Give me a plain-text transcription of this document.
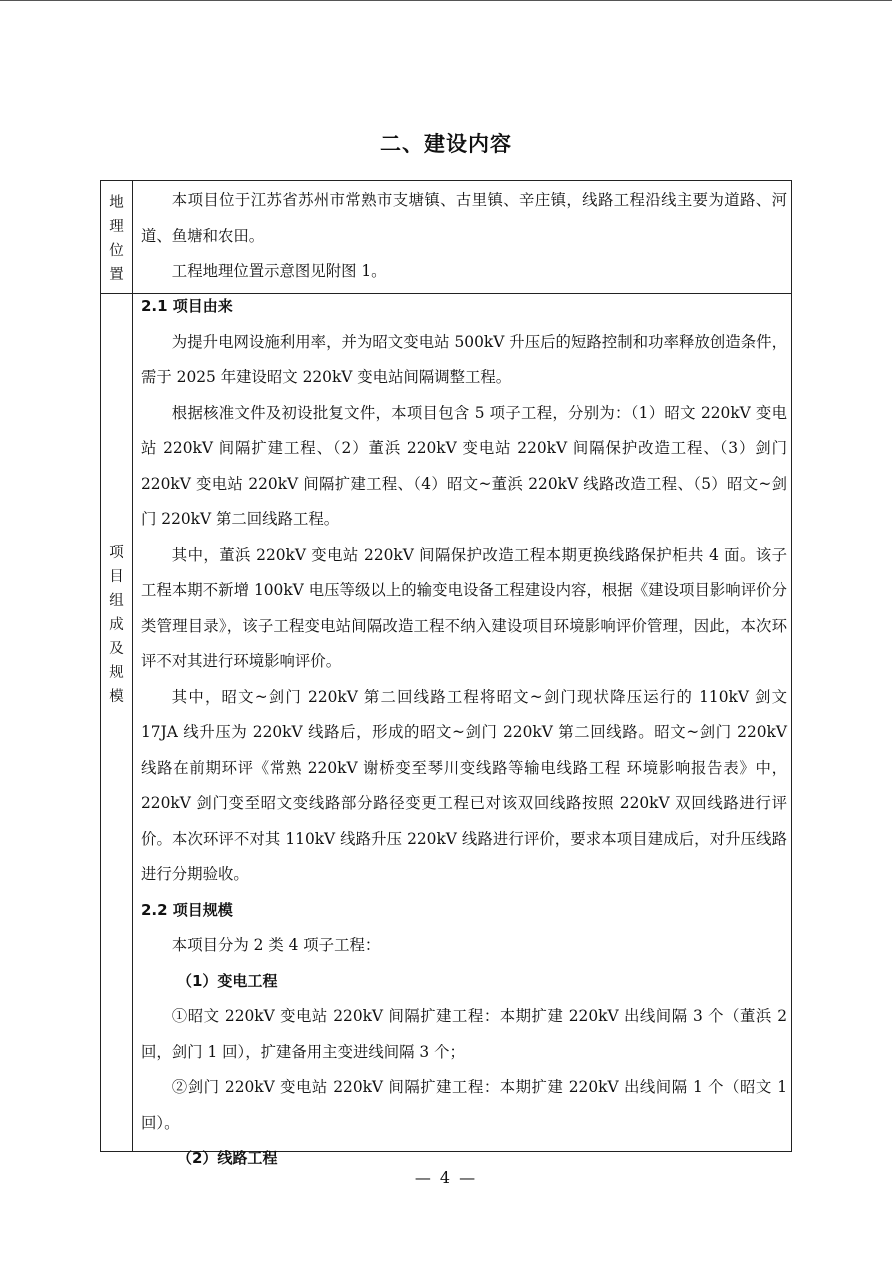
二、建设内容
地
理
位
置

本项目位于江苏省苏州市常熟市支塘镇、古里镇、辛庄镇，线路工程沿线主要为道路、河道、鱼塘和农田。

工程地理位置示意图见附图 1。

项
目
组
成
及
规
模

2.1 项目由来

为提升电网设施利用率，并为昭文变电站 500kV 升压后的短路控制和功率释放创造条件，需于 2025 年建设昭文 220kV 变电站间隔调整工程。

根据核准文件及初设批复文件，本项目包含 5 项子工程，分别为：（1）昭文 220kV 变电站 220kV 间隔扩建工程、（2）董浜 220kV 变电站 220kV 间隔保护改造工程、（3）剑门 220kV 变电站 220kV 间隔扩建工程、（4）昭文~董浜 220kV 线路改造工程、（5）昭文~剑门 220kV 第二回线路工程。

其中，董浜 220kV 变电站 220kV 间隔保护改造工程本期更换线路保护柜共 4 面。该子工程本期不新增 100kV 电压等级以上的输变电设备工程建设内容，根据《建设项目影响评价分类管理目录》，该子工程变电站间隔改造工程不纳入建设项目环境影响评价管理，因此，本次环评不对其进行环境影响评价。

其中，昭文~剑门 220kV 第二回线路工程将昭文~剑门现状降压运行的 110kV 剑文 17JA 线升压为 220kV 线路后，形成的昭文~剑门 220kV 第二回线路。昭文~剑门 220kV 线路在前期环评《常熟 220kV 谢桥变至琴川变线路等输电线路工程 环境影响报告表》中，220kV 剑门变至昭文变线路部分路径变更工程已对该双回线路按照 220kV 双回线路进行评价。本次环评不对其 110kV 线路升压 220kV 线路进行评价，要求本项目建成后，对升压线路进行分期验收。

2.2 项目规模

本项目分为 2 类 4 项子工程：

（1）变电工程

①昭文 220kV 变电站 220kV 间隔扩建工程：本期扩建 220kV 出线间隔 3 个（董浜 2 回，剑门 1 回），扩建备用主变进线间隔 3 个；

②剑门 220kV 变电站 220kV 间隔扩建工程：本期扩建 220kV 出线间隔 1 个（昭文 1 回）。

（2）线路工程

— 4 —
